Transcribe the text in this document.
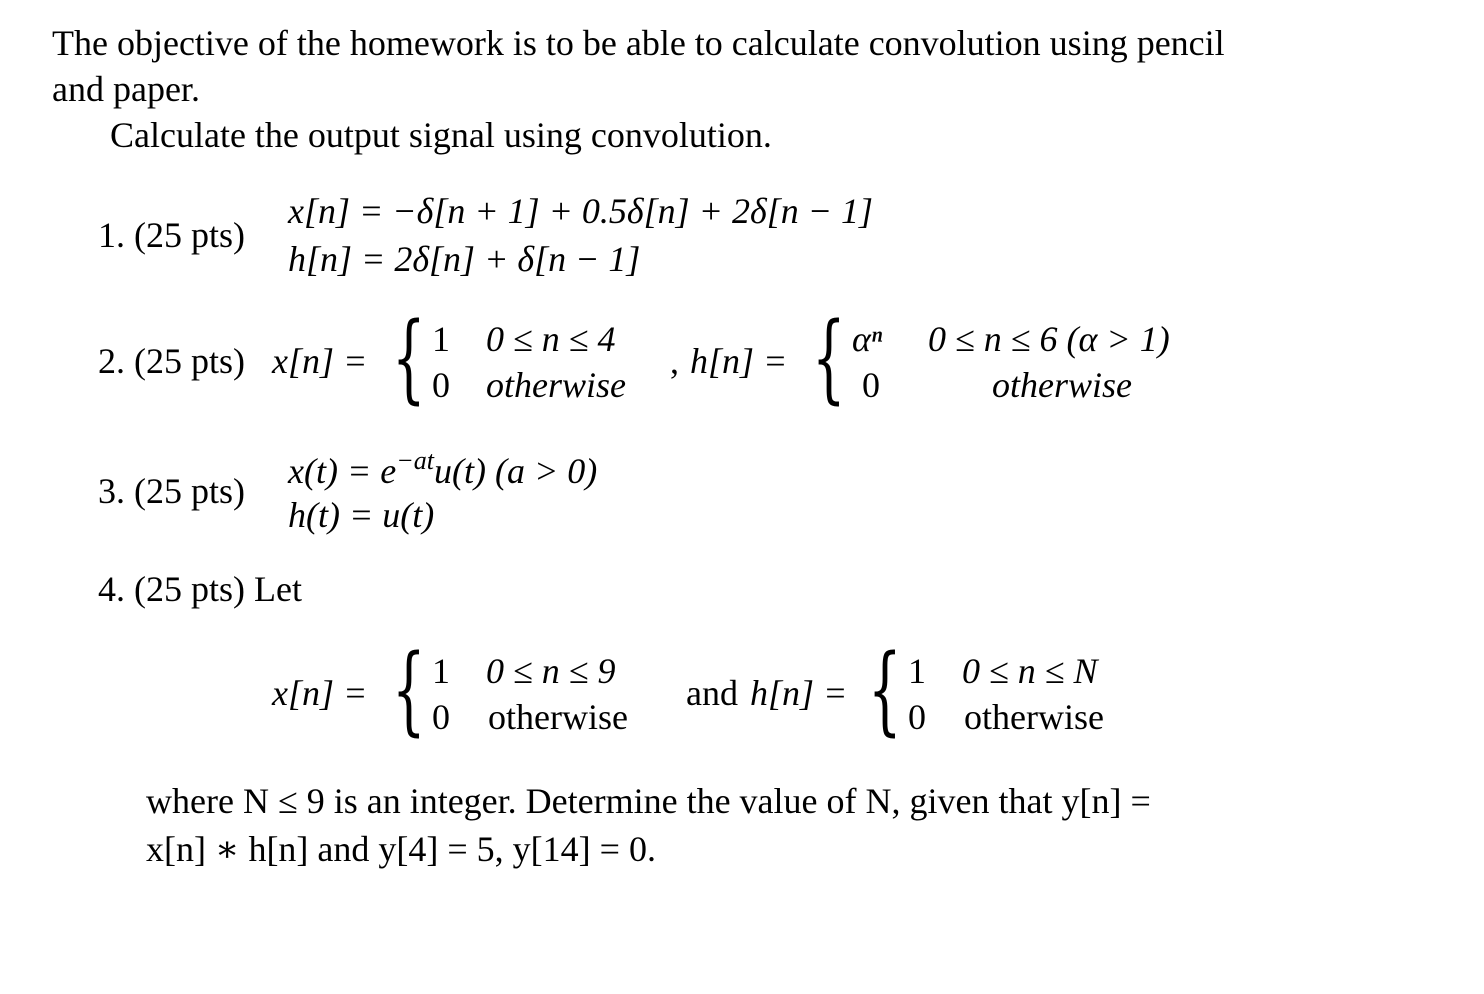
The objective of the homework is to be able to calculate convolution using pencil
and paper.
Calculate the output signal using convolution.
1. (25 pts)
x[n] = −δ[n + 1] + 0.5δ[n] + 2δ[n − 1]
h[n] = 2δ[n] + δ[n − 1]
2. (25 pts) x[n] = { 1 0 ≤ n ≤ 4
0 otherwise
, h[n] = { αⁿ 0 ≤ n ≤ 6 (α > 1)
0	otherwise
3. (25 pts) $x(t) = e^{-at}u(t) (a > 0)$
h(t) = u(t)
4. (25 pts) Let
x[n] = { 1 0 ≤ n ≤ 9
0 otherwise
and h[n] = { 1 0 ≤ n ≤ N
0 otherwise
where N ≤ 9 is an integer. Determine the value of N, given that y[n] =
x[n] ∗ h[n] and y[4] = 5, y[14] = 0.
